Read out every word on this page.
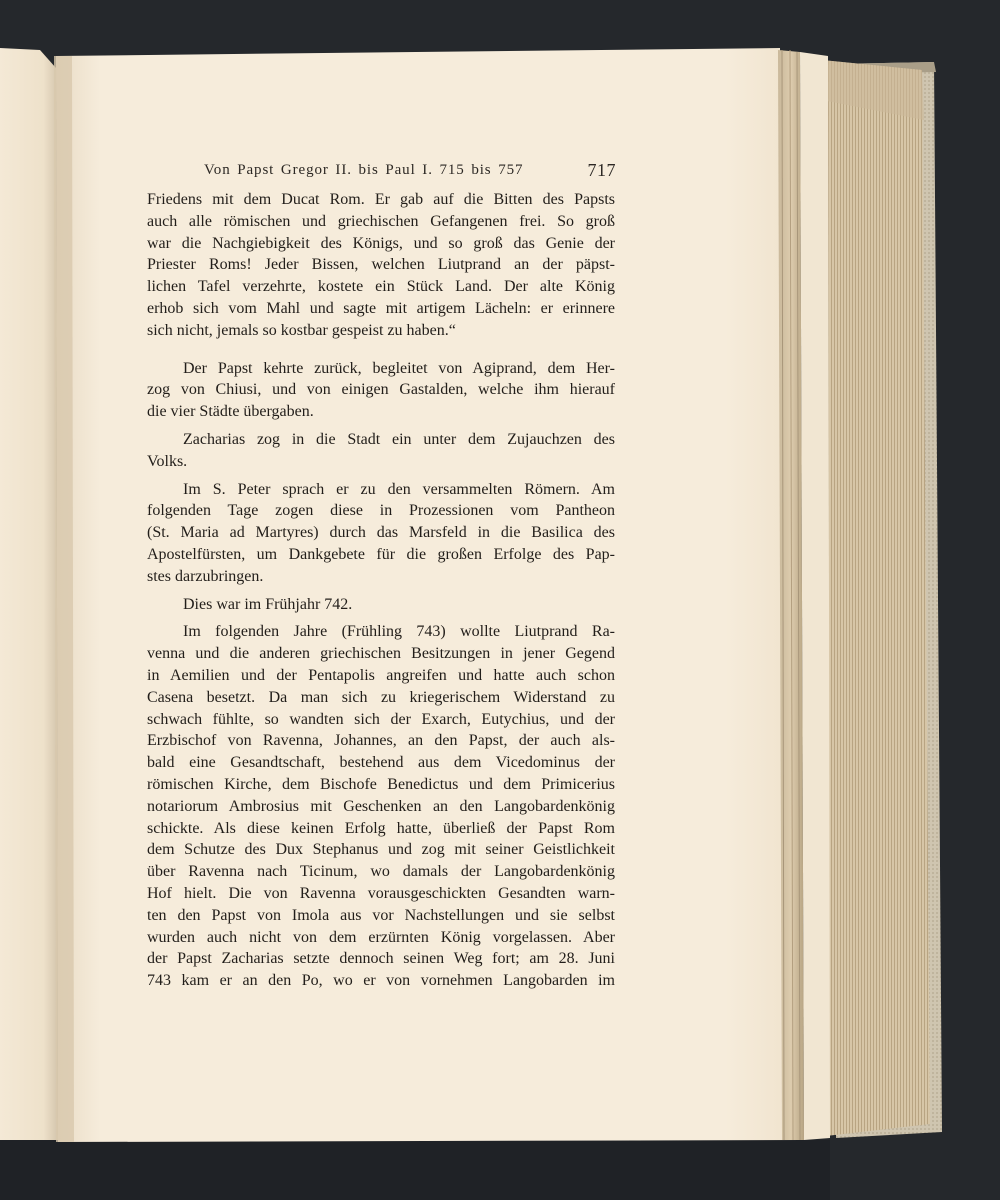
Von Papst Gregor II. bis Paul I. 715 bis 757	717
Friedens mit dem Ducat Rom. Er gab auf die Bitten des Papsts
auch alle römischen und griechischen Gefangenen frei. So groß
war die Nachgiebigkeit des Königs, und so groß das Genie der
Priester Roms! Jeder Bissen, welchen Liutprand an der päpst-
lichen Tafel verzehrte, kostete ein Stück Land. Der alte König
erhob sich vom Mahl und sagte mit artigem Lächeln: er erinnere
sich nicht, jemals so kostbar gespeist zu haben.“
Der Papst kehrte zurück, begleitet von Agiprand, dem Her-
zog von Chiusi, und von einigen Gastalden, welche ihm hierauf
die vier Städte übergaben.
Zacharias zog in die Stadt ein unter dem Zujauchzen des
Volks.
Im S. Peter sprach er zu den versammelten Römern. Am
folgenden Tage zogen diese in Prozessionen vom Pantheon
(St. Maria ad Martyres) durch das Marsfeld in die Basilica des
Apostelfürsten, um Dankgebete für die großen Erfolge des Pap-
stes darzubringen.
Dies war im Frühjahr 742.
Im folgenden Jahre (Frühling 743) wollte Liutprand Ra-
venna und die anderen griechischen Besitzungen in jener Gegend
in Aemilien und der Pentapolis angreifen und hatte auch schon
Casena besetzt. Da man sich zu kriegerischem Widerstand zu
schwach fühlte, so wandten sich der Exarch, Eutychius, und der
Erzbischof von Ravenna, Johannes, an den Papst, der auch als-
bald eine Gesandtschaft, bestehend aus dem Vicedominus der
römischen Kirche, dem Bischofe Benedictus und dem Primicerius
notariorum Ambrosius mit Geschenken an den Langobardenkönig
schickte. Als diese keinen Erfolg hatte, überließ der Papst Rom
dem Schutze des Dux Stephanus und zog mit seiner Geistlichkeit
über Ravenna nach Ticinum, wo damals der Langobardenkönig
Hof hielt. Die von Ravenna vorausgeschickten Gesandten warn-
ten den Papst von Imola aus vor Nachstellungen und sie selbst
wurden auch nicht von dem erzürnten König vorgelassen. Aber
der Papst Zacharias setzte dennoch seinen Weg fort; am 28. Juni
743 kam er an den Po, wo er von vornehmen Langobarden im
